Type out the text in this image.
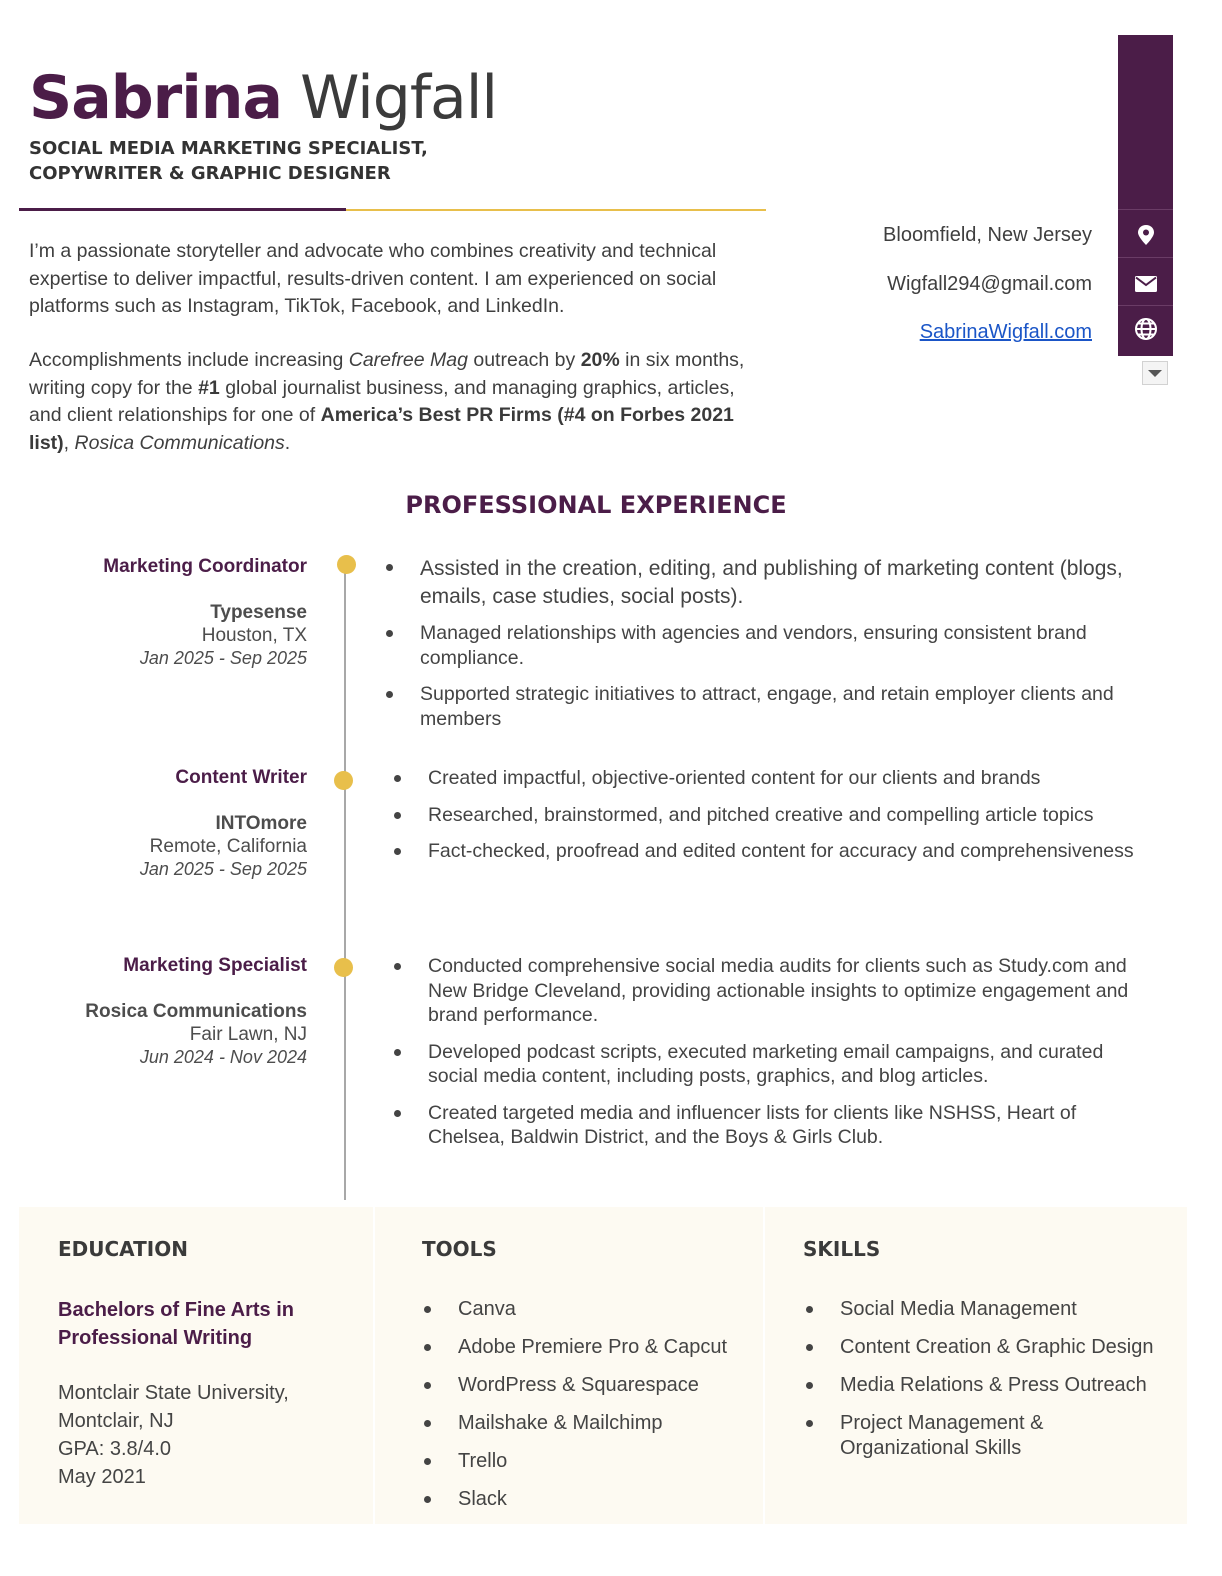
Sabrina Wigfall
SOCIAL MEDIA MARKETING SPECIALIST,
COPYWRITER & GRAPHIC DESIGNER
Bloomfield, New Jersey
Wigfall294@gmail.com
SabrinaWigfall.com

I’m a passionate storyteller and advocate who combines creativity and technical expertise to deliver impactful, results-driven content. I am experienced on social platforms such as Instagram, TikTok, Facebook, and LinkedIn.

Accomplishments include increasing Carefree Mag outreach by 20% in six months, writing copy for the #1 global journalist business, and managing graphics, articles, and client relationships for one of America’s Best PR Firms (#4 on Forbes 2021 list), Rosica Communications.

PROFESSIONAL EXPERIENCE
Marketing Coordinator
Typesense
Houston, TX
Jan 2025 - Sep 2025
Assisted in the creation, editing, and publishing of marketing content (blogs, emails, case studies, social posts).
Managed relationships with agencies and vendors, ensuring consistent brand compliance.
Supported strategic initiatives to attract, engage, and retain employer clients and members
Content Writer
INTOmore
Remote, California
Jan 2025 - Sep 2025
Created impactful, objective-oriented content for our clients and brands
Researched, brainstormed, and pitched creative and compelling article topics
Fact-checked, proofread and edited content for accuracy and comprehensiveness
Marketing Specialist
Rosica Communications
Fair Lawn, NJ
Jun 2024 - Nov 2024
Conducted comprehensive social media audits for clients such as Study.com and New Bridge Cleveland, providing actionable insights to optimize engagement and brand performance.
Developed podcast scripts, executed marketing email campaigns, and curated social media content, including posts, graphics, and blog articles.
Created targeted media and influencer lists for clients like NSHSS, Heart of Chelsea, Baldwin District, and the Boys & Girls Club.
EDUCATION
Bachelors of Fine Arts in Professional Writing
Montclair State University,
Montclair, NJ
GPA: 3.8/4.0
May 2021
TOOLS
Canva
Adobe Premiere Pro & Capcut
WordPress & Squarespace
Mailshake & Mailchimp
Trello
Slack
SKILLS
Social Media Management
Content Creation & Graphic Design
Media Relations & Press Outreach
Project Management & Organizational Skills
